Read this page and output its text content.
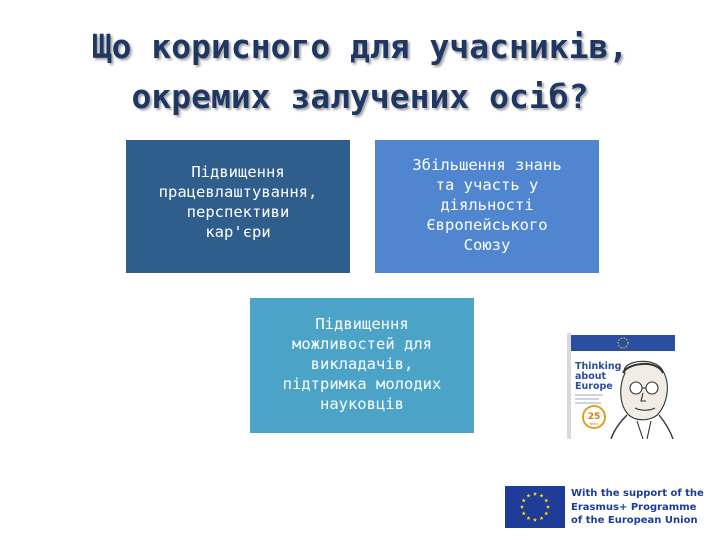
Що корисного для учасників,
окремих залучених осіб?
Підвищення
працевлаштування,
перспективи
кар'єри
Збільшення знань
та участь у
діяльності
Європейського
Союзу
Підвищення
можливостей для
викладачів,
підтримка молодих
науковців
Thinking
about
Europe
25
Years
With the support of the
Erasmus+ Programme
of the European Union
